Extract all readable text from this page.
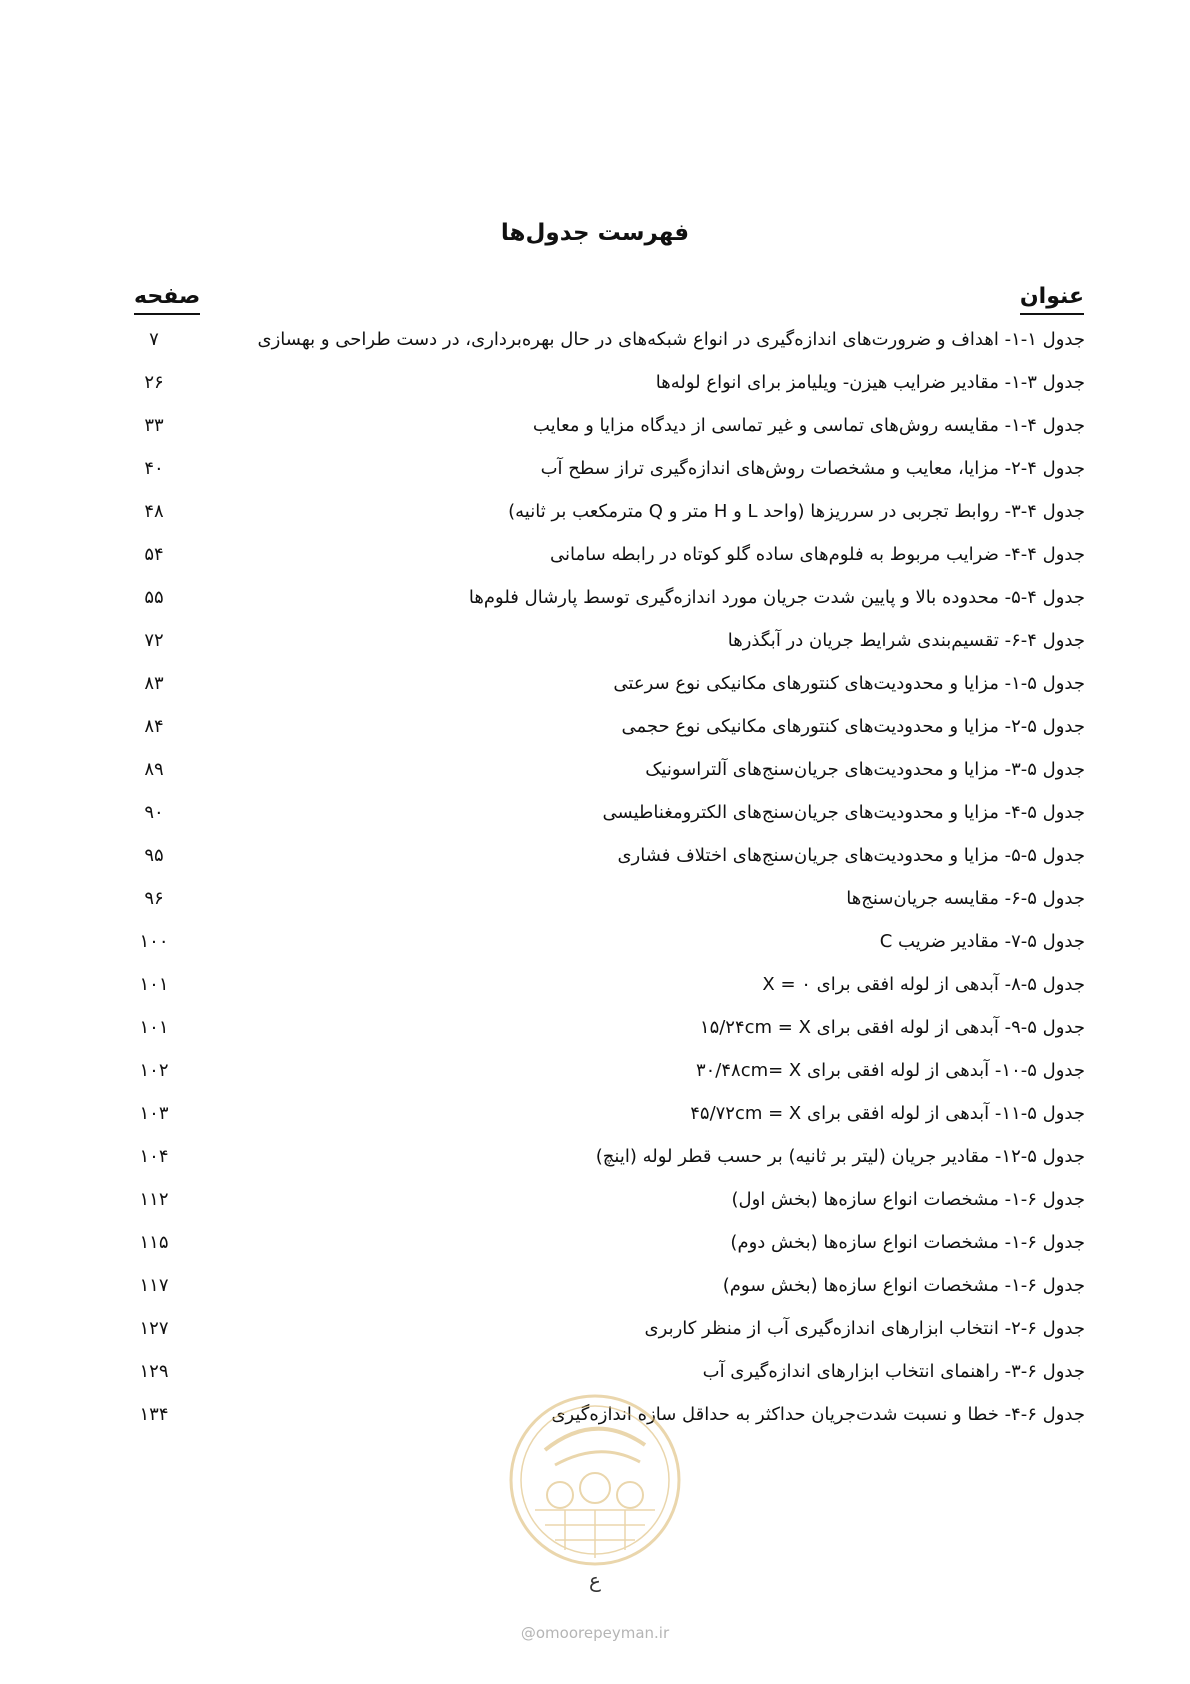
فهرست جدول‌ها
عنوان
صفحه
جدول ۱-۱- اهداف و ضرورت‌های اندازه‌گیری در انواع شبکه‌های در حال بهره‌برداری، در دست طراحی و بهسازی
۷
جدول ۳-۱- مقادیر ضرایب هیزن- ویلیامز برای انواع لوله‌ها
۲۶
جدول ۴-۱- مقایسه روش‌های تماسی و غیر تماسی از دیدگاه مزایا و معایب
۳۳
جدول ۴-۲- مزایا، معایب و مشخصات روش‌های اندازه‌گیری تراز سطح آب
۴۰
جدول ۴-۳- روابط تجربی در سرریزها (واحد L و H متر و Q مترمکعب بر ثانیه)
۴۸
جدول ۴-۴- ضرایب مربوط به فلوم‌های ساده گلو کوتاه در رابطه سامانی
۵۴
جدول ۴-۵- محدوده بالا و پایین شدت جریان مورد اندازه‌گیری توسط پارشال فلوم‌ها
۵۵
جدول ۴-۶- تقسیم‌بندی شرایط جریان در آبگذرها
۷۲
جدول ۵-۱- مزایا و محدودیت‌های کنتورهای مکانیکی نوع سرعتی
۸۳
جدول ۵-۲- مزایا و محدودیت‌های کنتورهای مکانیکی نوع حجمی
۸۴
جدول ۵-۳- مزایا و محدودیت‌های جریان‌سنج‌های آلتراسونیک
۸۹
جدول ۵-۴- مزایا و محدودیت‌های جریان‌سنج‌های الکترومغناطیسی
۹۰
جدول ۵-۵- مزایا و محدودیت‌های جریان‌سنج‌های اختلاف فشاری
۹۵
جدول ۵-۶- مقایسه جریان‌سنج‌ها
۹۶
جدول ۵-۷- مقادیر ضریب C
۱۰۰
جدول ۵-۸- آبدهی از لوله افقی برای ۰ = X
۱۰۱
جدول ۵-۹- آبدهی از لوله افقی برای ۱۵/۲۴cm = X
۱۰۱
جدول ۵-۱۰- آبدهی از لوله افقی برای ۳۰/۴۸cm= X
۱۰۲
جدول ۵-۱۱- آبدهی از لوله افقی برای ۴۵/۷۲cm = X
۱۰۳
جدول ۵-۱۲- مقادیر جریان (لیتر بر ثانیه) بر حسب قطر لوله (اینچ)
۱۰۴
جدول ۶-۱- مشخصات انواع سازه‌ها (بخش اول)
۱۱۲
جدول ۶-۱- مشخصات انواع سازه‌ها (بخش دوم)
۱۱۵
جدول ۶-۱- مشخصات انواع سازه‌ها (بخش سوم)
۱۱۷
جدول ۶-۲- انتخاب ابزارهای اندازه‌گیری آب از منظر کاربری
۱۲۷
جدول ۶-۳- راهنمای انتخاب ابزارهای اندازه‌گیری آب
۱۲۹
جدول ۶-۴- خطا و نسبت شدت‌جریان حداکثر به حداقل سازه اندازه‌گیری
۱۳۴
ع
@omoorepeyman.ir
